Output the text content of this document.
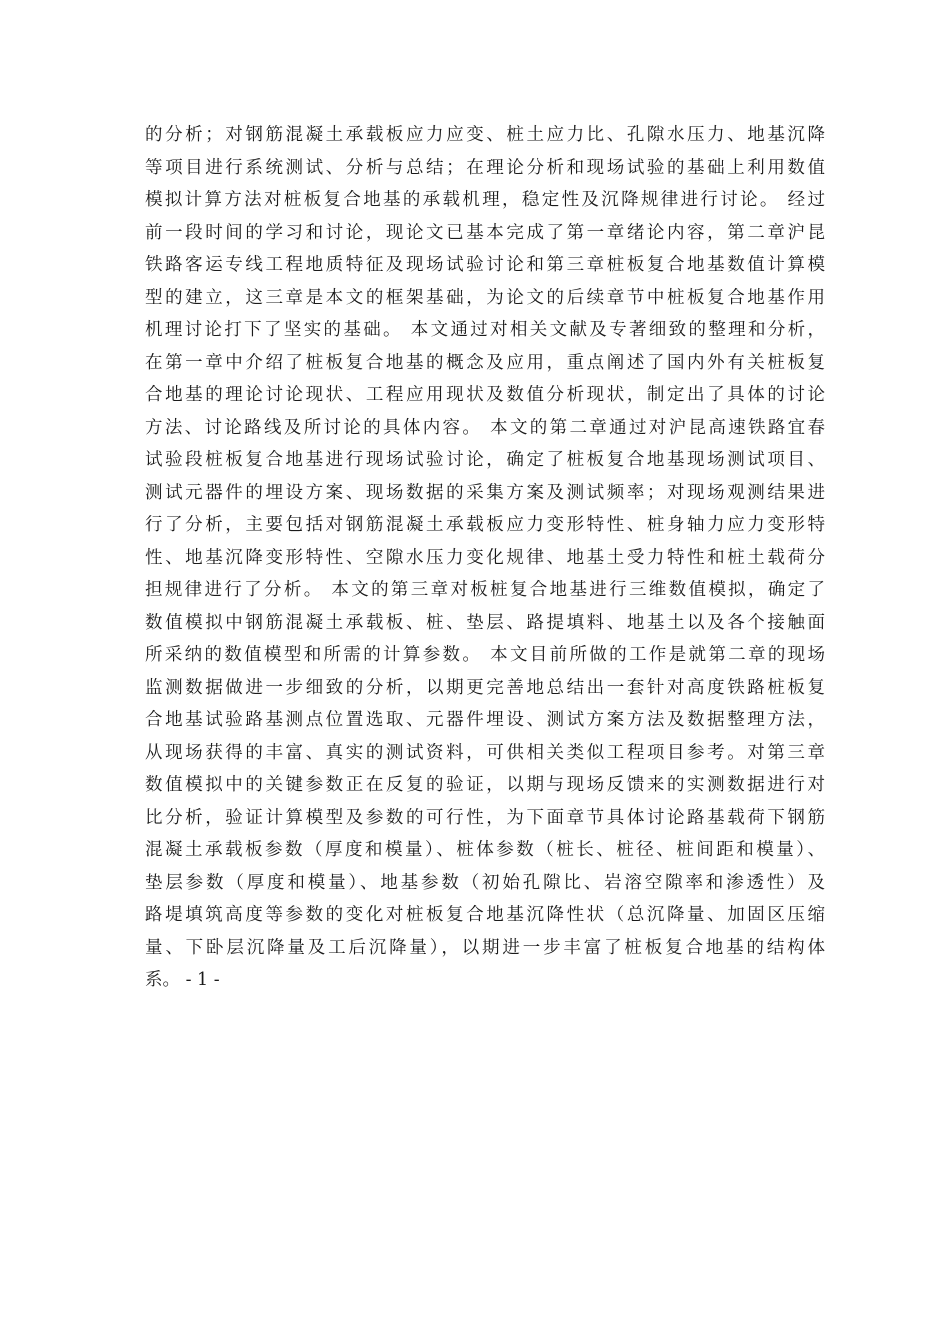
的分析；对钢筋混凝土承载板应力应变、桩土应力比、孔隙水压力、地基沉降
等项目进行系统测试、分析与总结；在理论分析和现场试验的基础上利用数值
模拟计算方法对桩板复合地基的承载机理，稳定性及沉降规律进行讨论。 经过
前一段时间的学习和讨论，现论文已基本完成了第一章绪论内容，第二章沪昆
铁路客运专线工程地质特征及现场试验讨论和第三章桩板复合地基数值计算模
型的建立，这三章是本文的框架基础，为论文的后续章节中桩板复合地基作用
机理讨论打下了坚实的基础。 本文通过对相关文献及专著细致的整理和分析，
在第一章中介绍了桩板复合地基的概念及应用，重点阐述了国内外有关桩板复
合地基的理论讨论现状、工程应用现状及数值分析现状，制定出了具体的讨论
方法、讨论路线及所讨论的具体内容。 本文的第二章通过对沪昆高速铁路宜春
试验段桩板复合地基进行现场试验讨论，确定了桩板复合地基现场测试项目、
测试元器件的埋设方案、现场数据的采集方案及测试频率；对现场观测结果进
行了分析，主要包括对钢筋混凝土承载板应力变形特性、桩身轴力应力变形特
性、地基沉降变形特性、空隙水压力变化规律、地基土受力特性和桩土载荷分
担规律进行了分析。 本文的第三章对板桩复合地基进行三维数值模拟，确定了
数值模拟中钢筋混凝土承载板、桩、垫层、路提填料、地基土以及各个接触面
所采纳的数值模型和所需的计算参数。 本文目前所做的工作是就第二章的现场
监测数据做进一步细致的分析，以期更完善地总结出一套针对高度铁路桩板复
合地基试验路基测点位置选取、元器件埋设、测试方案方法及数据整理方法，
从现场获得的丰富、真实的测试资料，可供相关类似工程项目参考。对第三章
数值模拟中的关键参数正在反复的验证，以期与现场反馈来的实测数据进行对
比分析，验证计算模型及参数的可行性，为下面章节具体讨论路基载荷下钢筋
混凝土承载板参数（厚度和模量）、桩体参数（桩长、桩径、桩间距和模量）、
垫层参数（厚度和模量）、地基参数（初始孔隙比、岩溶空隙率和渗透性）及
路堤填筑高度等参数的变化对桩板复合地基沉降性状（总沉降量、加固区压缩
量、下卧层沉降量及工后沉降量），以期进一步丰富了桩板复合地基的结构体
系。 - 1 -
